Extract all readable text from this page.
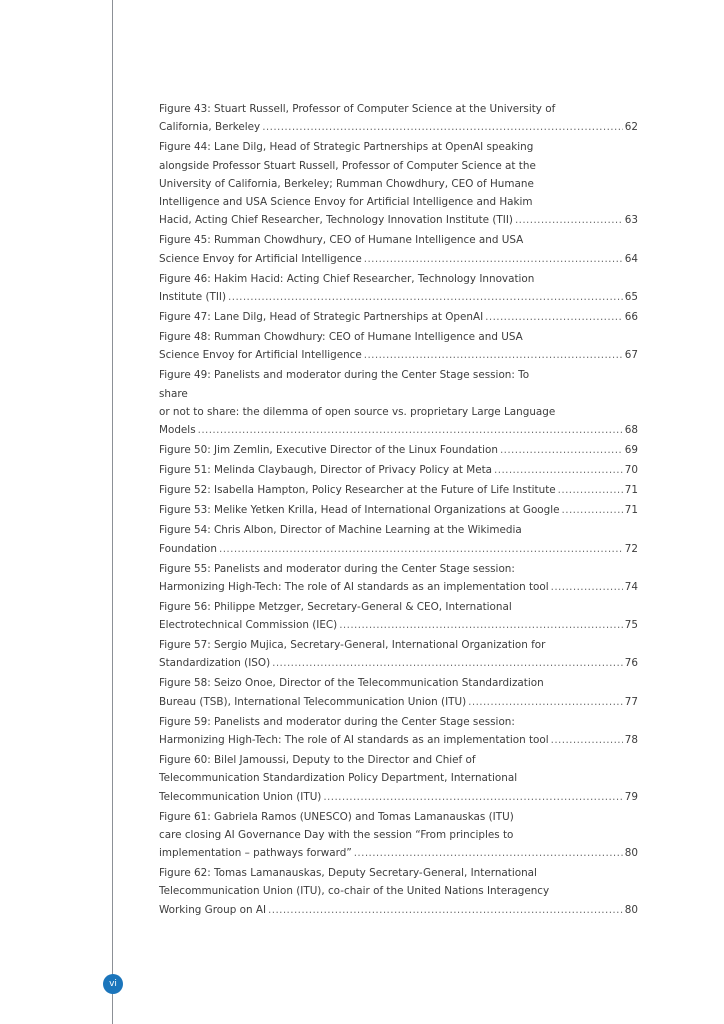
Figure 43: Stuart Russell, Professor of Computer Science at the University of
California, Berkeley .....	62
Figure 44: Lane Dilg, Head of Strategic Partnerships at OpenAI speaking
alongside Professor Stuart Russell, Professor of Computer Science at the
University of California, Berkeley; Rumman Chowdhury, CEO of Humane
Intelligence and USA Science Envoy for Artificial Intelligence and Hakim
Hacid, Acting Chief Researcher, Technology Innovation Institute (TII) .....	63
Figure 45: Rumman Chowdhury, CEO of Humane Intelligence and USA
Science Envoy for Artificial Intelligence .....	64
Figure 46: Hakim Hacid: Acting Chief Researcher, Technology Innovation
Institute (TII) .....	65
Figure 47: Lane Dilg, Head of Strategic Partnerships at OpenAI .....	66
Figure 48: Rumman Chowdhury: CEO of Humane Intelligence and USA
Science Envoy for Artificial Intelligence .....	67
Figure 49: Panelists and moderator during the Center Stage session: To share
or not to share: the dilemma of open source vs. proprietary Large Language
Models .....	68
Figure 50: Jim Zemlin, Executive Director of the Linux Foundation .....	69
Figure 51: Melinda Claybaugh, Director of Privacy Policy at Meta .....	70
Figure 52: Isabella Hampton, Policy Researcher at the Future of Life Institute .....	71
Figure 53: Melike Yetken Krilla, Head of International Organizations at Google .....	71
Figure 54: Chris Albon, Director of Machine Learning at the Wikimedia
Foundation .....	72
Figure 55: Panelists and moderator during the Center Stage session:
Harmonizing High-Tech: The role of AI standards as an implementation tool .....	74
Figure 56: Philippe Metzger, Secretary-General & CEO, International
Electrotechnical Commission (IEC) .....	75
Figure 57: Sergio Mujica, Secretary-General, International Organization for
Standardization (ISO) .....	76
Figure 58: Seizo Onoe, Director of the Telecommunication Standardization
Bureau (TSB), International Telecommunication Union (ITU) .....	77
Figure 59: Panelists and moderator during the Center Stage session:
Harmonizing High-Tech: The role of AI standards as an implementation tool .....	78
Figure 60: Bilel Jamoussi, Deputy to the Director and Chief of
Telecommunication Standardization Policy Department, International
Telecommunication Union (ITU) .....	79
Figure 61: Gabriela Ramos (UNESCO) and Tomas Lamanauskas (ITU)
care closing AI Governance Day with the session “From principles to
implementation – pathways forward” .....	80
Figure 62: Tomas Lamanauskas, Deputy Secretary-General, International
Telecommunication Union (ITU), co-chair of the United Nations Interagency
Working Group on AI .....	80
vi
